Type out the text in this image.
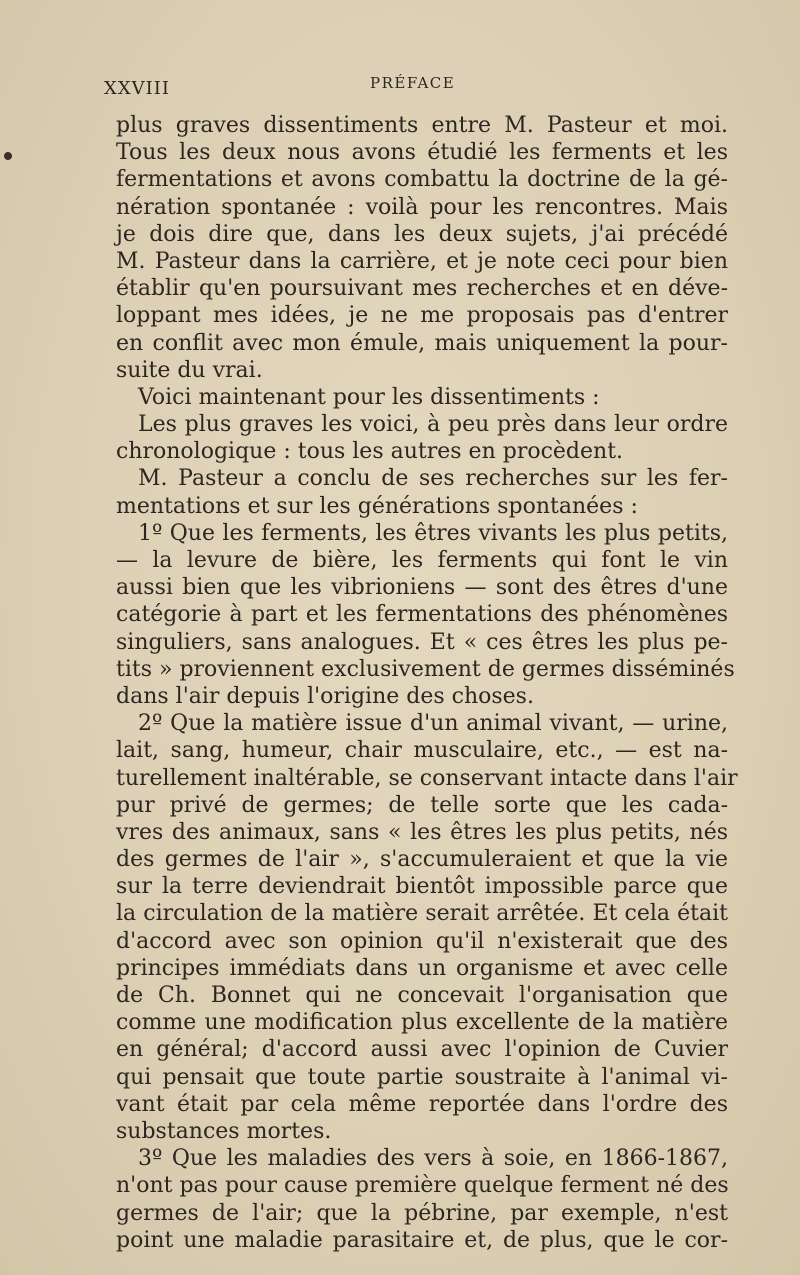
XXVIII	PRÉFACE
plus graves dissentiments entre M. Pasteur et moi.
Tous les deux nous avons étudié les ferments et les
fermentations et avons combattu la doctrine de la gé-
nération spontanée : voilà pour les rencontres. Mais
je dois dire que, dans les deux sujets, j'ai précédé
M. Pasteur dans la carrière, et je note ceci pour bien
établir qu'en poursuivant mes recherches et en déve-
loppant mes idées, je ne me proposais pas d'entrer
en conflit avec mon émule, mais uniquement la pour-
suite du vrai.
Voici maintenant pour les dissentiments :
Les plus graves les voici, à peu près dans leur ordre
chronologique : tous les autres en procèdent.
M. Pasteur a conclu de ses recherches sur les fer-
mentations et sur les générations spontanées :
1º Que les ferments, les êtres vivants les plus petits,
— la levure de bière, les ferments qui font le vin
aussi bien que les vibrioniens — sont des êtres d'une
catégorie à part et les fermentations des phénomènes
singuliers, sans analogues. Et « ces êtres les plus pe-
tits » proviennent exclusivement de germes disséminés
dans l'air depuis l'origine des choses.
2º Que la matière issue d'un animal vivant, — urine,
lait, sang, humeur, chair musculaire, etc., — est na-
turellement inaltérable, se conservant intacte dans l'air
pur privé de germes; de telle sorte que les cada-
vres des animaux, sans « les êtres les plus petits, nés
des germes de l'air », s'accumuleraient et que la vie
sur la terre deviendrait bientôt impossible parce que
la circulation de la matière serait arrêtée. Et cela était
d'accord avec son opinion qu'il n'existerait que des
principes immédiats dans un organisme et avec celle
de Ch. Bonnet qui ne concevait l'organisation que
comme une modification plus excellente de la matière
en général; d'accord aussi avec l'opinion de Cuvier
qui pensait que toute partie soustraite à l'animal vi-
vant était par cela même reportée dans l'ordre des
substances mortes.
3º Que les maladies des vers à soie, en 1866-1867,
n'ont pas pour cause première quelque ferment né des
germes de l'air; que la pébrine, par exemple, n'est
point une maladie parasitaire et, de plus, que le cor-
